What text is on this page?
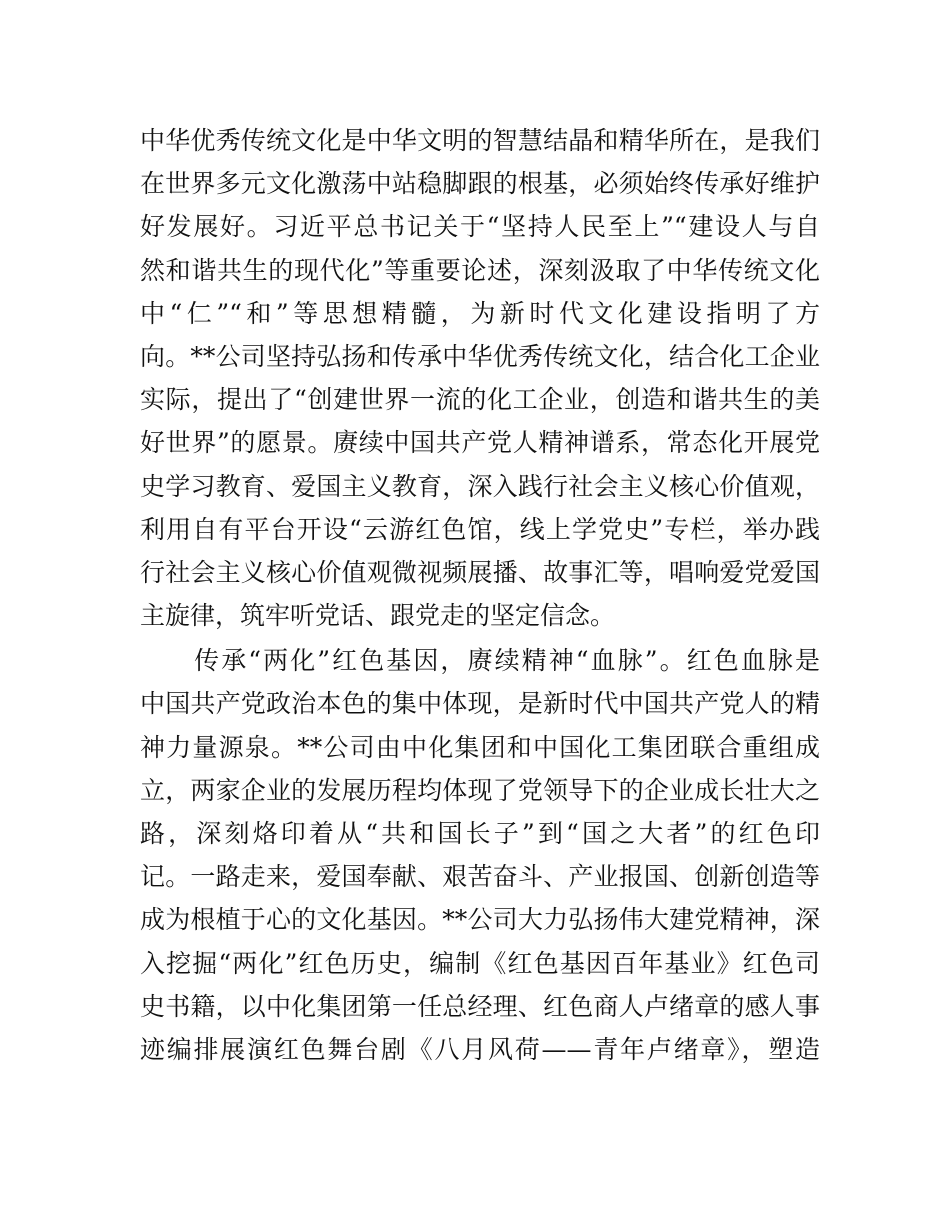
中华优秀传统文化是中华文明的智慧结晶和精华所在，是我们
在世界多元文化激荡中站稳脚跟的根基，必须始终传承好维护
好发展好。习近平总书记关于“坚持人民至上”“建设人与自
然和谐共生的现代化”等重要论述，深刻汲取了中华传统文化
中“仁”“和”等思想精髓，为新时代文化建设指明了方
向。**公司坚持弘扬和传承中华优秀传统文化，结合化工企业
实际，提出了“创建世界一流的化工企业，创造和谐共生的美
好世界”的愿景。赓续中国共产党人精神谱系，常态化开展党
史学习教育、爱国主义教育，深入践行社会主义核心价值观，
利用自有平台开设“云游红色馆，线上学党史”专栏，举办践
行社会主义核心价值观微视频展播、故事汇等，唱响爱党爱国
主旋律，筑牢听党话、跟党走的坚定信念。
　　传承“两化”红色基因，赓续精神“血脉”。红色血脉是
中国共产党政治本色的集中体现，是新时代中国共产党人的精
神力量源泉。**公司由中化集团和中国化工集团联合重组成
立，两家企业的发展历程均体现了党领导下的企业成长壮大之
路，深刻烙印着从“共和国长子”到“国之大者”的红色印
记。一路走来，爱国奉献、艰苦奋斗、产业报国、创新创造等
成为根植于心的文化基因。**公司大力弘扬伟大建党精神，深
入挖掘“两化”红色历史，编制《红色基因百年基业》红色司
史书籍，以中化集团第一任总经理、红色商人卢绪章的感人事
迹编排展演红色舞台剧《八月风荷——青年卢绪章》，塑造
